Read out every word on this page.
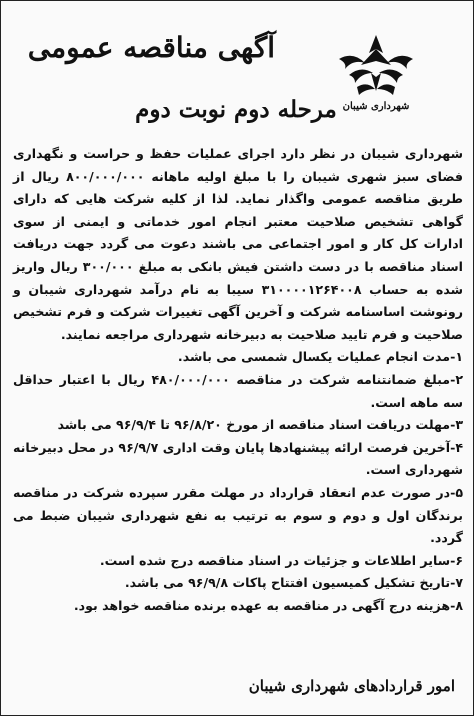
شهرداری شیبان
آگهی مناقصه عمومی
مرحله دوم نوبت دوم

شهرداری شیبان در نظر دارد اجرای عملیات حفظ و حراست و نگهداری فضای سبز شهری شیبان را با مبلغ اولیه ماهانه ۸۰۰/۰۰۰/۰۰۰ ریال از طریق مناقصه عمومی واگذار نماید. لذا از کلیه شرکت هایی که دارای گواهی تشخیص صلاحیت معتبر انجام امور خدماتی و ایمنی از سوی ادارات کل کار و امور اجتماعی می باشند دعوت می گردد جهت دریافت اسناد مناقصه با در دست داشتن فیش بانکی به مبلغ ۳۰۰/۰۰۰ ریال واریز شده به حساب ۳۱۰۰۰۰۱۲۶۴۰۰۸ سیبا به نام درآمد شهرداری شیبان و رونوشت اساسنامه شرکت و آخرین آگهی تغییرات شرکت و فرم تشخیص صلاحیت و فرم تایید صلاحیت به دبیرخانه شهرداری مراجعه نمایند.

۱-مدت انجام عملیات یکسال شمسی می باشد.
۲-مبلغ ضمانتنامه شرکت در مناقصه ۴۸۰/۰۰۰/۰۰۰ ریال با اعتبار حداقل سه ماهه است.
۳-مهلت دریافت اسناد مناقصه از مورخ ۹۶/۸/۲۰ تا ۹۶/۹/۴ می باشد
۴-آخرین فرصت ارائه پیشنهادها پایان وقت اداری ۹۶/۹/۷ در محل دبیرخانه شهرداری است.
۵-در صورت عدم انعقاد قرارداد در مهلت مقرر سپرده شرکت در مناقصه برندگان اول و دوم و سوم به ترتیب به نفع شهرداری شیبان ضبط می گردد.
۶-سایر اطلاعات و جزئیات در اسناد مناقصه درج شده است.
۷-تاریخ تشکیل کمیسیون افتتاح پاکات ۹۶/۹/۸ می باشد.
۸-هزینه درج آگهی در مناقصه به عهده برنده مناقصه خواهد بود.
امور قراردادهای شهرداری شیبان
